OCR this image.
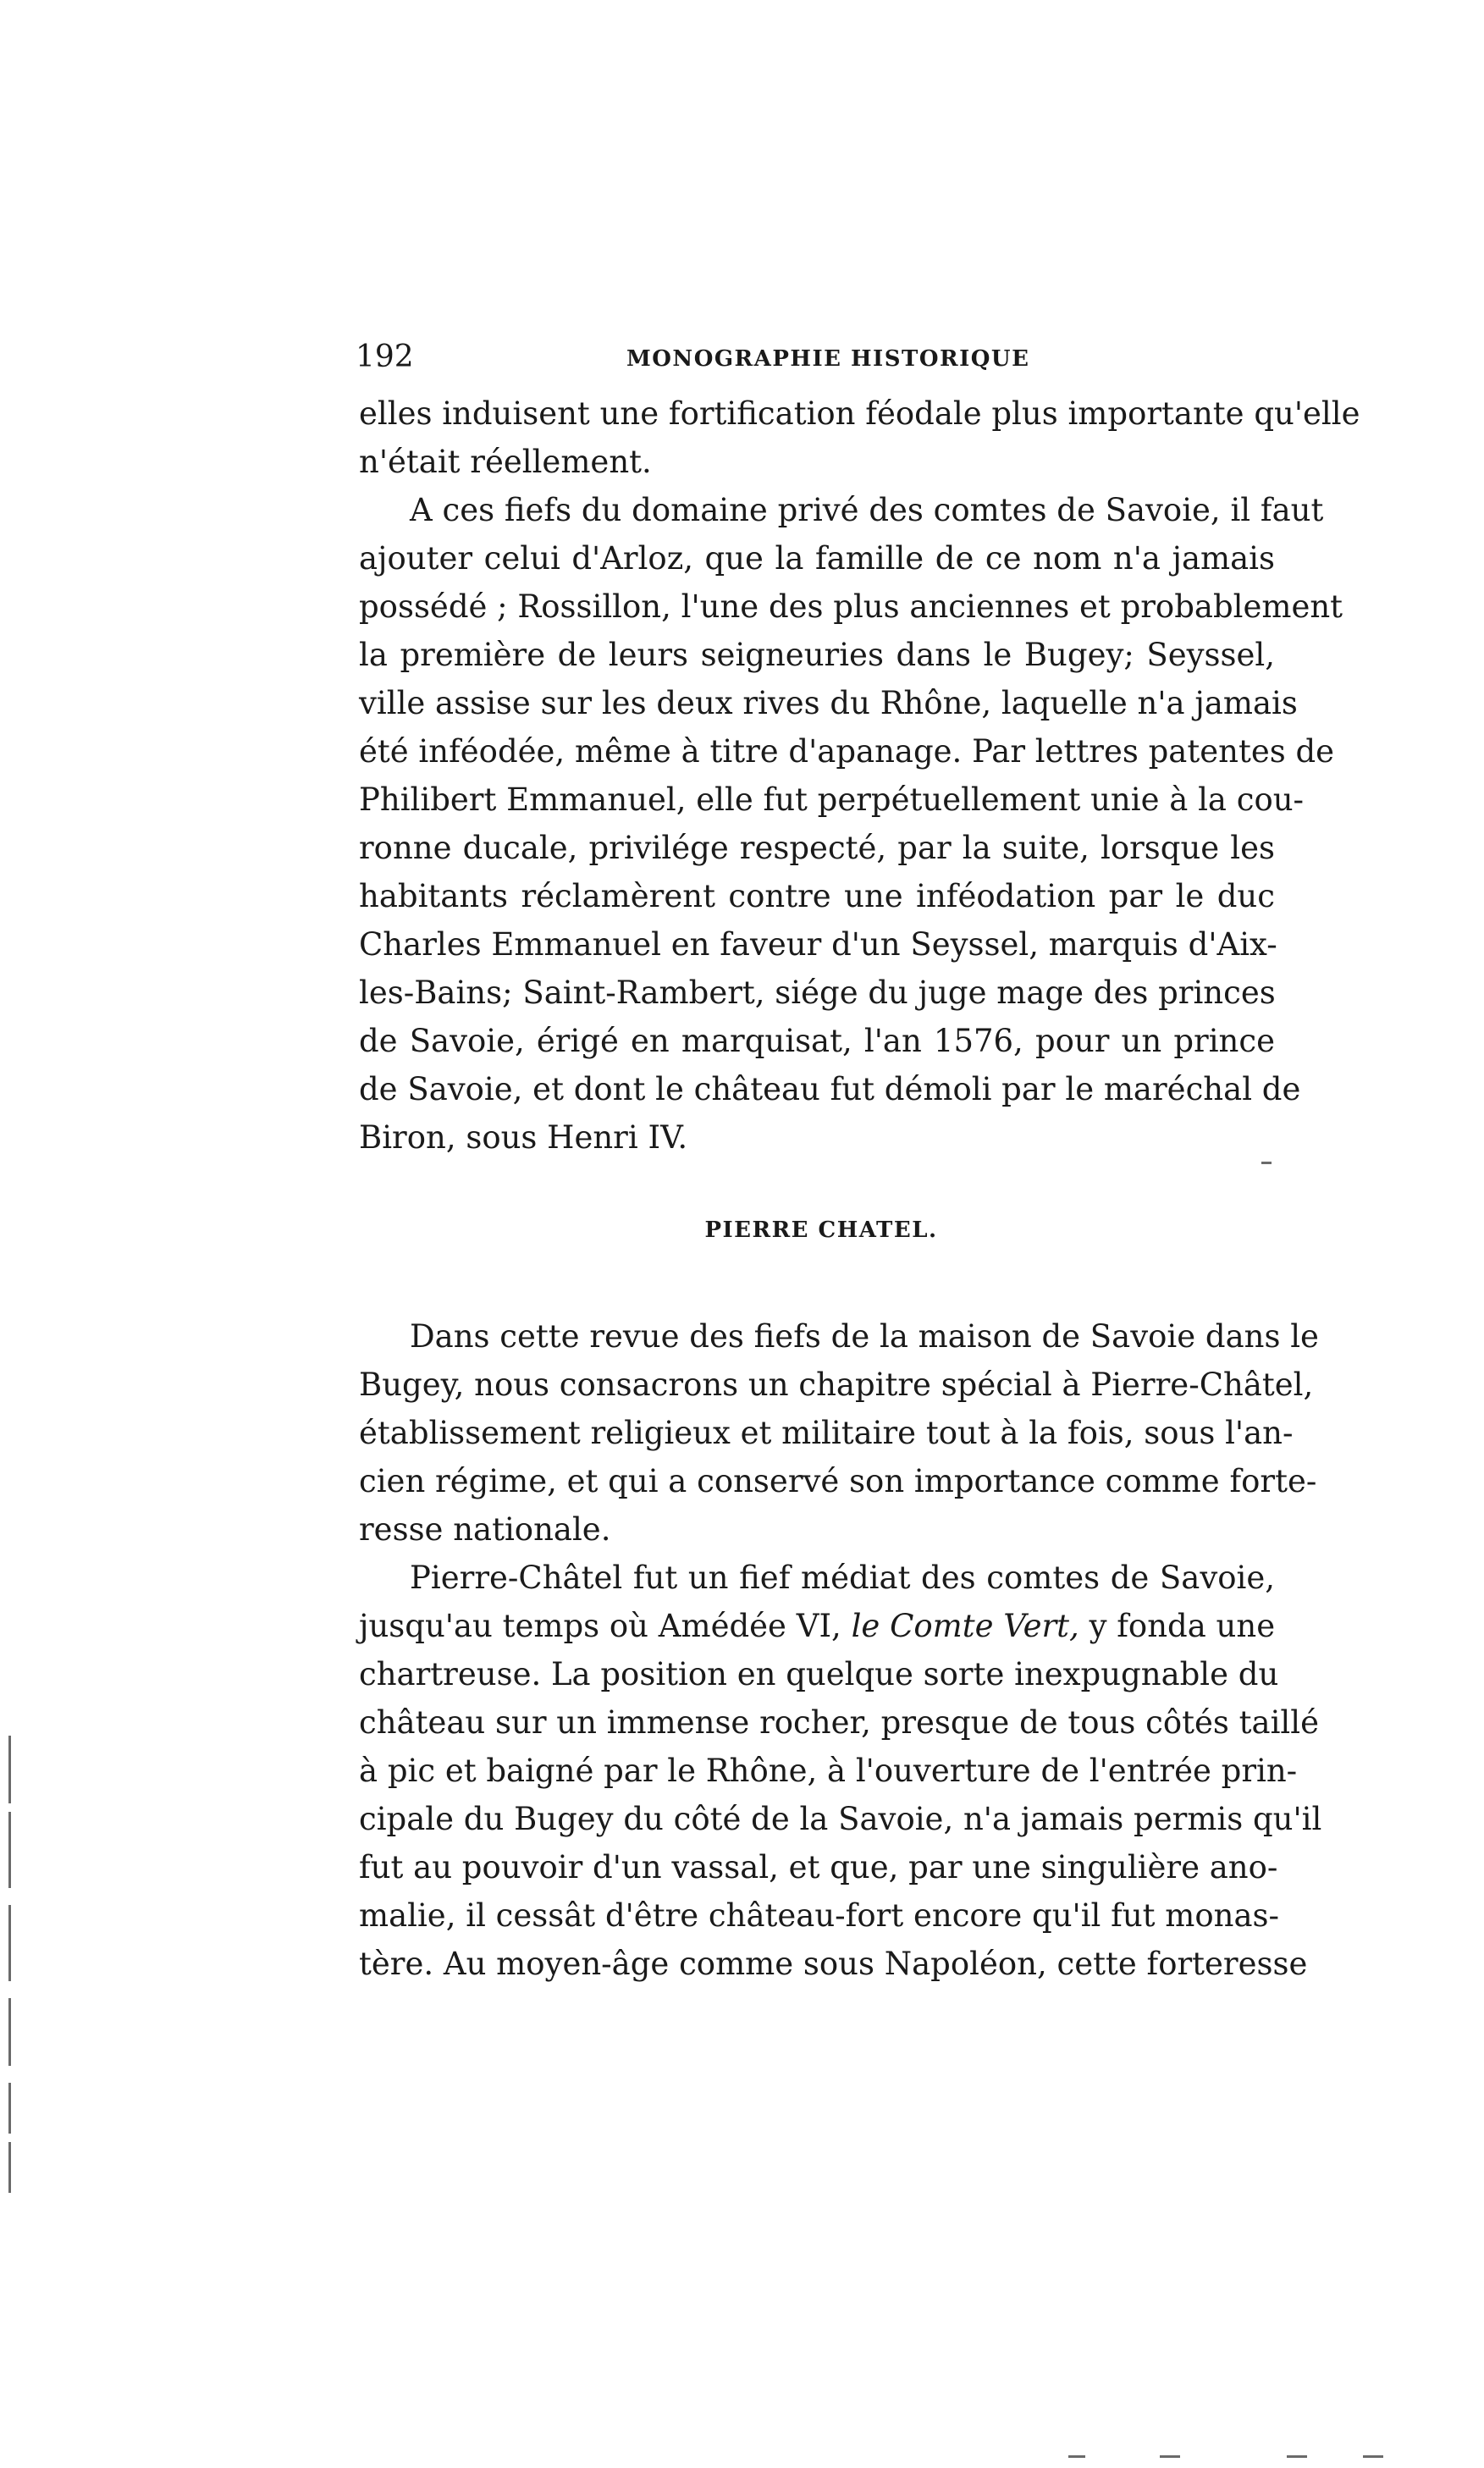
192	MONOGRAPHIE HISTORIQUE
elles induisent une fortification féodale plus importante qu'elle
n'était réellement.
A ces fiefs du domaine privé des comtes de Savoie, il faut
ajouter celui d'Arloz, que la famille de ce nom n'a jamais
possédé ; Rossillon, l'une des plus anciennes et probablement
la première de leurs seigneuries dans le Bugey; Seyssel,
ville assise sur les deux rives du Rhône, laquelle n'a jamais
été inféodée, même à titre d'apanage. Par lettres patentes de
Philibert Emmanuel, elle fut perpétuellement unie à la cou-
ronne ducale, privilége respecté, par la suite, lorsque les
habitants réclamèrent contre une inféodation par le duc
Charles Emmanuel en faveur d'un Seyssel, marquis d'Aix-
les-Bains; Saint-Rambert, siége du juge mage des princes
de Savoie, érigé en marquisat, l'an 1576, pour un prince
de Savoie, et dont le château fut démoli par le maréchal de
Biron, sous Henri IV.
PIERRE CHATEL.
Dans cette revue des fiefs de la maison de Savoie dans le
Bugey, nous consacrons un chapitre spécial à Pierre-Châtel,
établissement religieux et militaire tout à la fois, sous l'an-
cien régime, et qui a conservé son importance comme forte-
resse nationale.
Pierre-Châtel fut un fief médiat des comtes de Savoie,
jusqu'au temps où Amédée VI, le Comte Vert, y fonda une
chartreuse. La position en quelque sorte inexpugnable du
château sur un immense rocher, presque de tous côtés taillé
à pic et baigné par le Rhône, à l'ouverture de l'entrée prin-
cipale du Bugey du côté de la Savoie, n'a jamais permis qu'il
fut au pouvoir d'un vassal, et que, par une singulière ano-
malie, il cessât d'être château-fort encore qu'il fut monas-
tère. Au moyen-âge comme sous Napoléon, cette forteresse
